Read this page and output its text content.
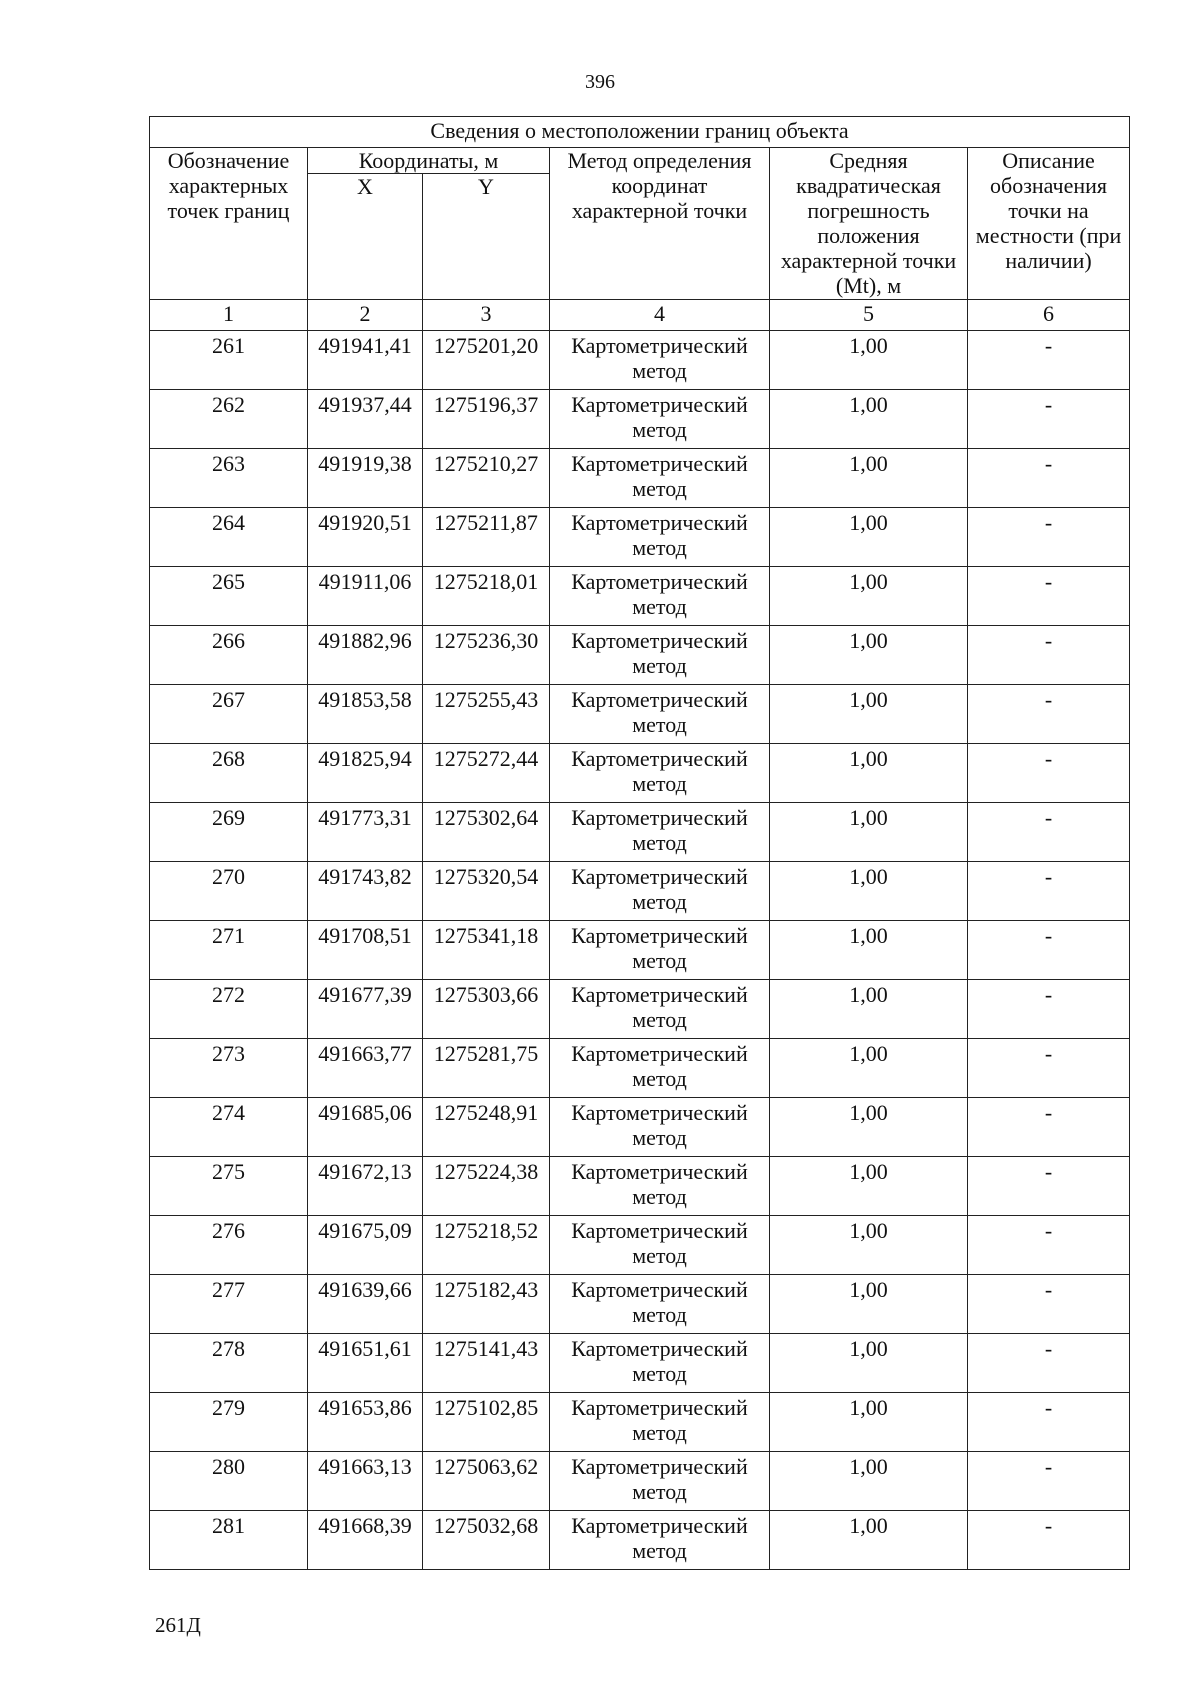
396
Сведения о местоположении границ объекта					
Обозначение характерных точек границ	Координаты, м		Метод определения координат характерной точки	Средняя квадратическая погрешность положения характерной точки (Mt), м	Описание обозначения точки на местности (при наличии)
	X	Y			
1	2	3	4	5	6
261	491941,41	1275201,20	Картометрический метод	1,00	-
262	491937,44	1275196,37	Картометрический метод	1,00	-
263	491919,38	1275210,27	Картометрический метод	1,00	-
264	491920,51	1275211,87	Картометрический метод	1,00	-
265	491911,06	1275218,01	Картометрический метод	1,00	-
266	491882,96	1275236,30	Картометрический метод	1,00	-
267	491853,58	1275255,43	Картометрический метод	1,00	-
268	491825,94	1275272,44	Картометрический метод	1,00	-
269	491773,31	1275302,64	Картометрический метод	1,00	-
270	491743,82	1275320,54	Картометрический метод	1,00	-
271	491708,51	1275341,18	Картометрический метод	1,00	-
272	491677,39	1275303,66	Картометрический метод	1,00	-
273	491663,77	1275281,75	Картометрический метод	1,00	-
274	491685,06	1275248,91	Картометрический метод	1,00	-
275	491672,13	1275224,38	Картометрический метод	1,00	-
276	491675,09	1275218,52	Картометрический метод	1,00	-
277	491639,66	1275182,43	Картометрический метод	1,00	-
278	491651,61	1275141,43	Картометрический метод	1,00	-
279	491653,86	1275102,85	Картометрический метод	1,00	-
280	491663,13	1275063,62	Картометрический метод	1,00	-
281	491668,39	1275032,68	Картометрический метод	1,00	-
261Д
